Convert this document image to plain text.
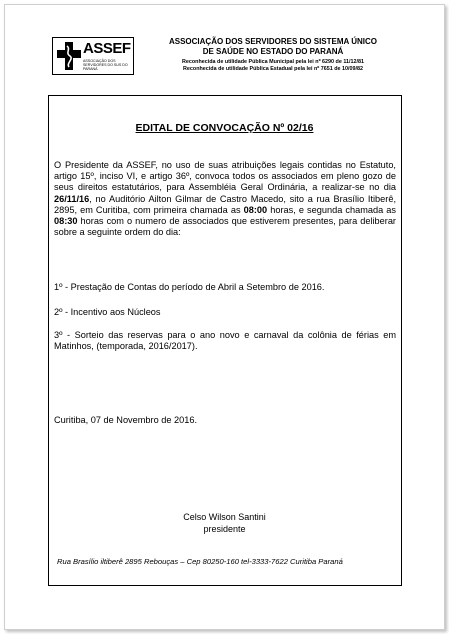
ASSEF
ASSOCIAÇÃO DOS SERVIDORES DO SUS DO PARANÁ
ASSOCIAÇÃO DOS SERVIDORES DO SISTEMA ÚNICO
DE SAÚDE NO ESTADO DO PARANÁ
Reconhecida de utilidade Pública Municipal pela lei nº 6290 de 11/12/81
Reconhecida de utilidade Pública Estadual pela lei nº 7651 de 10/09/82
EDITAL DE CONVOCAÇÃO Nº 02/16
O Presidente da ASSEF, no uso de suas atribuições legais contidas no Estatuto, artigo 15º, inciso VI, e artigo 36º, convoca todos os associados em pleno gozo de seus direitos estatutários, para Assembléia Geral Ordinária, a realizar-se no dia 26/11/16, no Auditório Ailton Gilmar de Castro Macedo, sito a rua Brasílio Itiberê, 2895, em Curitiba, com primeira chamada as 08:00 horas, e segunda chamada as 08:30 horas com o numero de associados que estiverem presentes, para deliberar sobre a seguinte ordem do dia:
1º - Prestação de Contas do período de Abril a Setembro de 2016.
2º - Incentivo aos Núcleos
3º - Sorteio das reservas para o ano novo e carnaval da colônia de férias em Matinhos, (temporada, 2016/2017).
Curitiba, 07 de Novembro de 2016.
Celso Wilson Santini
presidente
Rua Brasílio iltiberê 2895 Rebouças – Cep 80250-160 tel-3333-7622 Curitiba Paraná
